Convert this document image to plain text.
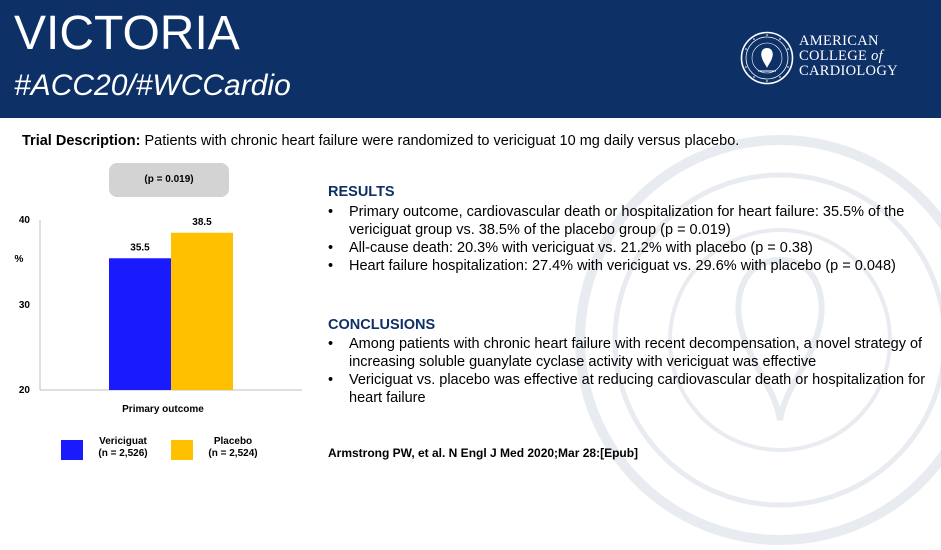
VICTORIA
#ACC20/#WCCardio
AMERICAN
COLLEGE of
CARDIOLOGY
Trial Description: Patients with chronic heart failure were randomized to vericiguat 10 mg daily versus placebo.
(p = 0.019)
%
20
30
40
35.5
38.5
Primary outcome
Vericiguat
(n = 2,526)
Placebo
(n = 2,524)
RESULTS
• Primary outcome, cardiovascular death or hospitalization for heart failure: 35.5% of the vericiguat group vs. 38.5% of the placebo group (p = 0.019)
• All-cause death: 20.3% with vericiguat vs. 21.2% with placebo (p = 0.38)
• Heart failure hospitalization: 27.4% with vericiguat vs. 29.6% with placebo (p = 0.048)
CONCLUSIONS
• Among patients with chronic heart failure with recent decompensation, a novel strategy of increasing soluble guanylate cyclase activity with vericiguat was effective
• Vericiguat vs. placebo was effective at reducing cardiovascular death or hospitalization for heart failure
Armstrong PW, et al. N Engl J Med 2020;Mar 28:[Epub]
